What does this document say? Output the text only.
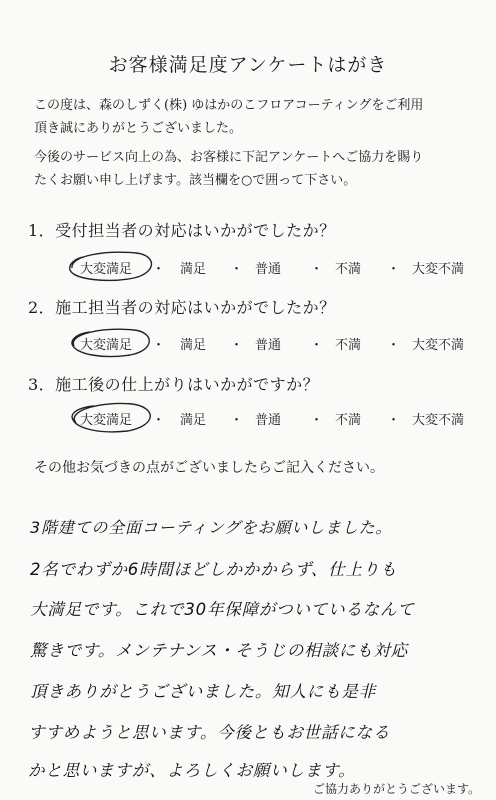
お客様満足度アンケートはがき
この度は、森のしずく(株) ゆはかのこフロアコーティングをご利用
頂き誠にありがとうございました。
今後のサービス向上の為、お客様に下記アンケートへご協力を賜り
たくお願い申し上げます。該当欄を○で囲って下さい。
1．受付担当者の対応はいかがでしたか？
大変満足 ・ 満足 ・ 普通 ・ 不満 ・ 大変不満
2．施工担当者の対応はいかがでしたか？
大変満足 ・ 満足 ・ 普通 ・ 不満 ・ 大変不満
3．施工後の仕上がりはいかがですか？
大変満足 ・ 満足 ・ 普通 ・ 不満 ・ 大変不満
その他お気づきの点がございましたらご記入ください。
3階建ての全面コーティングをお願いしました。
2名でわずか6時間ほどしかかからず、仕上りも
大満足です。これで30年保障がついているなんて
驚きです。メンテナンス・そうじの相談にも対応
頂きありがとうございました。知人にも是非
すすめようと思います。今後ともお世話になる
かと思いますが、よろしくお願いします。
ご協力ありがとうございます。
